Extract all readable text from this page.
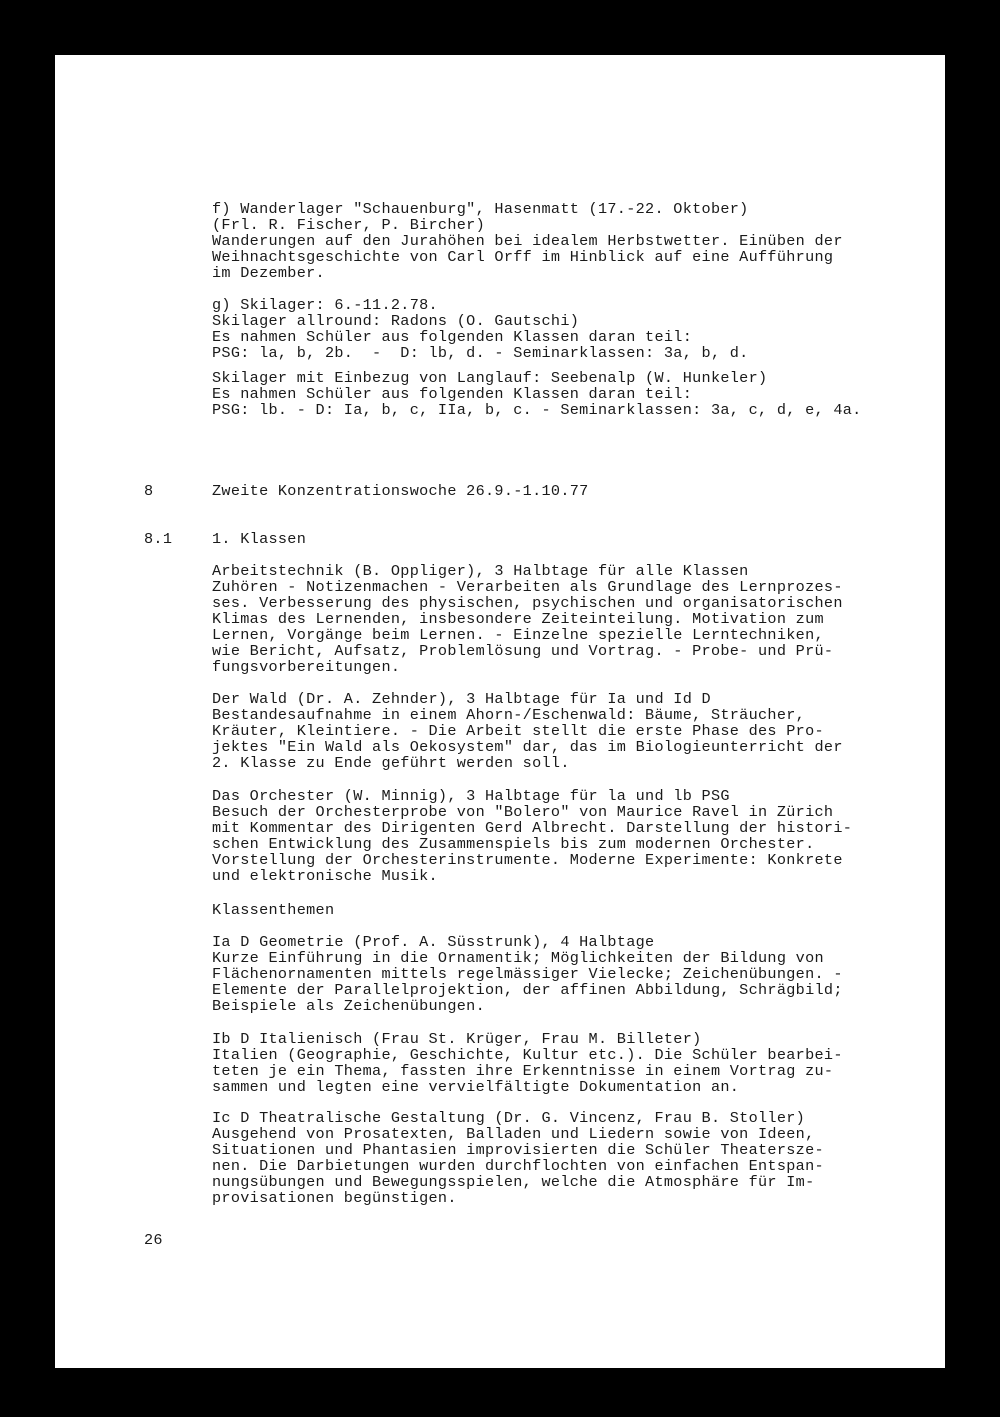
f) Wanderlager "Schauenburg", Hasenmatt (17.-22. Oktober)
(Frl. R. Fischer, P. Bircher)
Wanderungen auf den Jurahöhen bei idealem Herbstwetter. Einüben der
Weihnachtsgeschichte von Carl Orff im Hinblick auf eine Aufführung
im Dezember.
g) Skilager: 6.-11.2.78.
Skilager allround: Radons (O. Gautschi)
Es nahmen Schüler aus folgenden Klassen daran teil:
PSG: la, b, 2b.  -  D: lb, d. - Seminarklassen: 3a, b, d.
Skilager mit Einbezug von Langlauf: Seebenalp (W. Hunkeler)
Es nahmen Schüler aus folgenden Klassen daran teil:
PSG: lb. - D: Ia, b, c, IIa, b, c. - Seminarklassen: 3a, c, d, e, 4a.
8	Zweite Konzentrationswoche 26.9.-1.10.77
8.1	1. Klassen
Arbeitstechnik (B. Oppliger), 3 Halbtage für alle Klassen
Zuhören - Notizenmachen - Verarbeiten als Grundlage des Lernprozes-
ses. Verbesserung des physischen, psychischen und organisatorischen
Klimas des Lernenden, insbesondere Zeiteinteilung. Motivation zum
Lernen, Vorgänge beim Lernen. - Einzelne spezielle Lerntechniken,
wie Bericht, Aufsatz, Problemlösung und Vortrag. - Probe- und Prü-
fungsvorbereitungen.
Der Wald (Dr. A. Zehnder), 3 Halbtage für Ia und Id D
Bestandesaufnahme in einem Ahorn-/Eschenwald: Bäume, Sträucher,
Kräuter, Kleintiere. - Die Arbeit stellt die erste Phase des Pro-
jektes "Ein Wald als Oekosystem" dar, das im Biologieunterricht der
2. Klasse zu Ende geführt werden soll.
Das Orchester (W. Minnig), 3 Halbtage für la und lb PSG
Besuch der Orchesterprobe von "Bolero" von Maurice Ravel in Zürich
mit Kommentar des Dirigenten Gerd Albrecht. Darstellung der histori-
schen Entwicklung des Zusammenspiels bis zum modernen Orchester.
Vorstellung der Orchesterinstrumente. Moderne Experimente: Konkrete
und elektronische Musik.
Klassenthemen
Ia D Geometrie (Prof. A. Süsstrunk), 4 Halbtage
Kurze Einführung in die Ornamentik; Möglichkeiten der Bildung von
Flächenornamenten mittels regelmässiger Vielecke; Zeichenübungen. -
Elemente der Parallelprojektion, der affinen Abbildung, Schrägbild;
Beispiele als Zeichenübungen.
Ib D Italienisch (Frau St. Krüger, Frau M. Billeter)
Italien (Geographie, Geschichte, Kultur etc.). Die Schüler bearbei-
teten je ein Thema, fassten ihre Erkenntnisse in einem Vortrag zu-
sammen und legten eine vervielfältigte Dokumentation an.
Ic D Theatralische Gestaltung (Dr. G. Vincenz, Frau B. Stoller)
Ausgehend von Prosatexten, Balladen und Liedern sowie von Ideen,
Situationen und Phantasien improvisierten die Schüler Theatersze-
nen. Die Darbietungen wurden durchflochten von einfachen Entspan-
nungsübungen und Bewegungsspielen, welche die Atmosphäre für Im-
provisationen begünstigen.
26
